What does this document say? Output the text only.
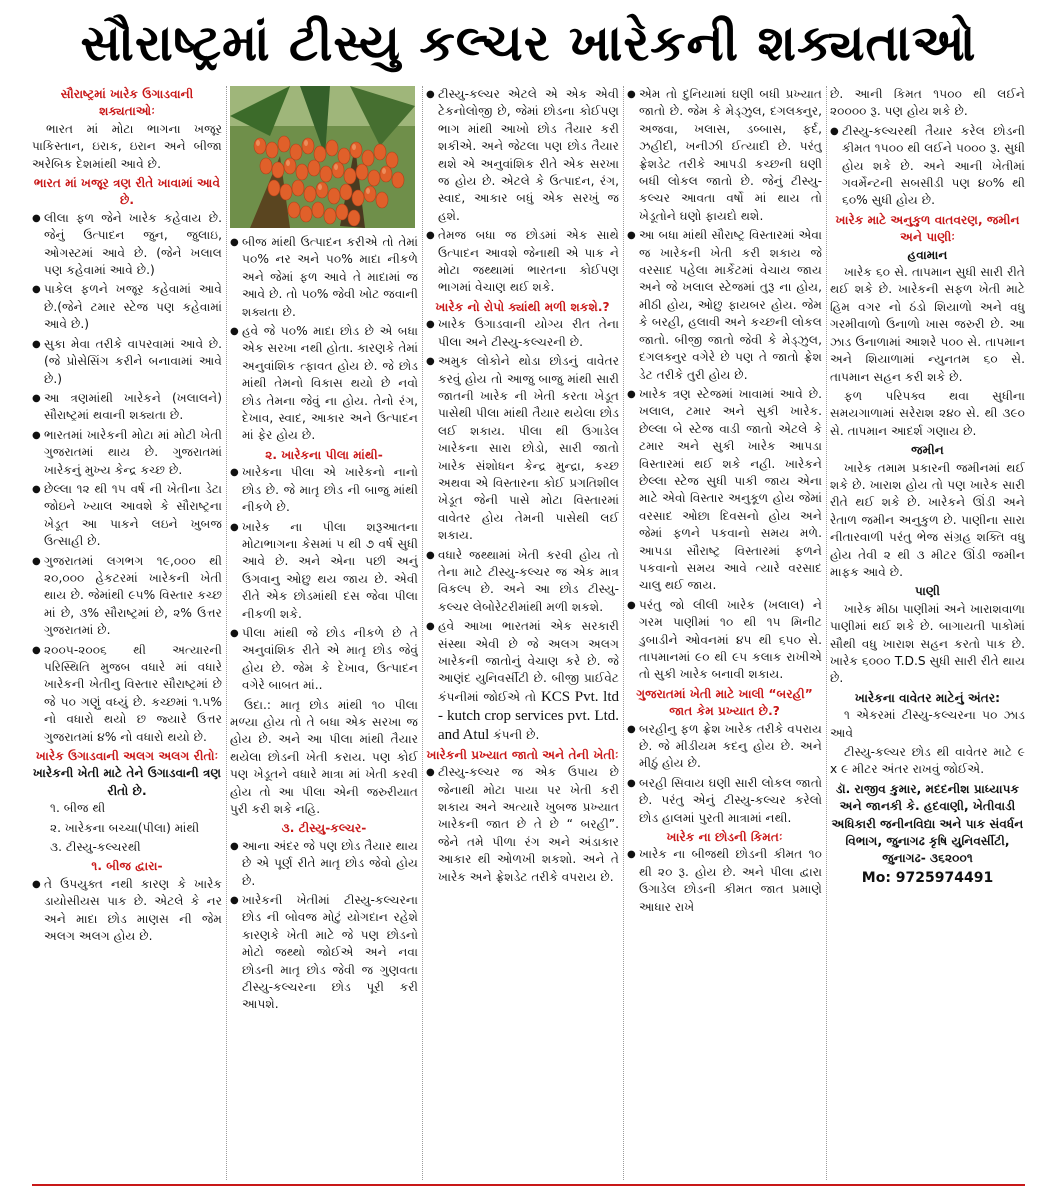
સૌરાષ્ટ્રમાં ટીસ્યુ કલ્ચર ખારેકની શક્યતાઓ
સૌરાષ્ટ્રમાં ખારેક ઉગાડવાની શક્યતાઓઃ

ભારત માં મોટા ભાગના ખજૂર પાકિસ્તાન, ઇરાક, ઇરાન અને બીજા અરેબિક દેશમાંથી આવે છે.

ભારત માં ખજૂર ત્રણ રીતે ખાવામાં આવે છે.
● લીલા ફળ જેને ખારેક કહેવાય છે. જેનું ઉત્પાદન જુન, જુલાઇ, ઓગસ્ટમાં આવે છે. (જેને ખલાલ પણ કહેવામાં આવે છે.)
● પાકેલ ફળને ખજૂર કહેવામાં આવે છે.(જેને ટમાર સ્ટેજ પણ કહેવામાં આવે છે.)
● સુકા મેવા તરીકે વાપરવામાં આવે છે. (જે પ્રોસેસિંગ કરીને બનાવામાં આવે છે.)
● આ ત્રણમાંથી ખારેકને (ખલાલને) સૌરાષ્ટ્રમાં થવાની શક્યતા છે.
● ભારતમાં ખારેકની મોટા માં મોટી ખેતી ગુજરાતમાં થાય છે. ગુજરાતમાં ખારેકનું મુખ્ય કેન્દ્ર કચ્છ છે.
● છેલ્લા ૧૨ થી ૧૫ વર્ષ ની ખેતીના ડેટા જોઇને ખ્યાલ આવશે કે સૌરાષ્ટ્રના ખેડૂત આ પાકને લઇને ખુબજ ઉત્સાહી છે.
● ગુજરાતમાં લગભગ ૧૯,૦૦૦ થી ૨૦,૦૦૦ હેકટરમાં ખારેકની ખેતી થાય છે. જેમાંથી ૯૫% વિસ્તાર કચ્છ માં છે, ૩% સૌરાષ્ટ્રમાં છે, ૨% ઉત્તર ગુજરાતમાં છે.
● ૨૦૦૫-૨૦૦૬ થી અત્યારની પરિસ્થિતિ મુજબ વધારે માં વધારે ખારેકની ખેતીનુ વિસ્તાર સૌરાષ્ટ્રમાં છે જે ૫૦ ગણું વધ્યું છે. કચ્છમાં ૧.૫% નો વધારો થયો છ જ્યારે ઉત્તર ગુજરાતમાં ૪% નો વધારો થયો છે.
ખારેક ઉગાડવાની અલગ અલગ રીતોઃ
ખારેકની ખેતી માટે તેને ઉગાડવાની ત્રણ રીતો છે.

૧. બીજ થી

૨. ખારેકના બચ્ચા(પીલા) માંથી

૩. ટીસ્યુ-કલ્ચરથી

૧. બીજ દ્વારા-
● તે ઉપયુક્ત નથી કારણ કે ખારેક ડાયોસીયસ પાક છે. એટલે કે નર અને માદા છોડ માણસ ની જેમ અલગ અલગ હોય છે.
● બીજ માંથી ઉત્પાદન કરીએ તો તેમાં ૫૦% નર અને ૫૦% માદા નીકળે અને જેમાં ફળ આવે તે માદામાં જ આવે છે. તો ૫૦% જેવી ખોટ જવાની શક્યતા છે.
● હવે જે ૫૦% માદા છોડ છે એ બધા એક સરખા નથી હોતા. કારણકે તેમાં અનુવાંશિક ત્ફાવત હોય છે. જે છોડ માંથી તેમનો વિકાસ થયો છે નવો છોડ તેમના જેવું ના હોય. તેનો રંગ, દેખાવ, સ્વાદ, આકાર અને ઉત્પાદન માં ફેર હોય છે.
૨. ખારેકના પીલા માંથી-
● ખારેકના પીલા એ ખારેકનો નાનો છોડ છે. જે માતૃ છોડ ની બાજુ માંથી નીકળે છે.
● ખારેક ના પીલા શરૂઆતના મોટાભાગના કેસમાં ૫ થી ૭ વર્ષ સુધી આવે છે. અને એના પછી અનું ઉગવાનુ ઓછુ થય જાય છે. એવી રીતે એક છોડમાંથી દસ જેવા પીલા નીકળી શકે.
● પીલા માંથી જે છોડ નીકળે છે તે અનુવાંશિક રીતે એ માતૃ છોડ જેવું હોય છે. જેમ કે દેખાવ, ઉત્પાદન વગેરે બાબત માં..

ઉદા.: માતૃ છોડ માંથી ૧૦ પીલા મળ્યા હોય તો તે બધા એક સરખા જ હોય છે. અને આ પીલા માંથી તૈયાર થયેલા છોડની ખેતી કરાય. પણ કોઈ પણ ખેડૂતને વધારે માત્રા માં ખેતી કરવી હોય તો આ પીલા એની જરુરીયાત પુરી કરી શકે નહિ.

૩. ટીસ્યુ-કલ્ચર-
● આના અંદર જે પણ છોડ તૈયાર થાય છે એ પૂર્ણ રીતે માતૃ છોડ જેવો હોય છે.
● ખારેકની ખેતીમાં ટીસ્યુ-કલ્ચરના છોડ ની બોવજ મોટું યોગદાન રહેશે કારણકે ખેતી માટે જે પણ છોડનો મોટો જથ્થો જોઈએ અને નવા છોડની માતૃ છોડ જેવી જ ગુણવતા ટીસ્યુ-કલ્ચરના છોડ પૂરી કરી આપશે.
● ટીસ્યુ-કલ્ચર એટલે એ એક એવી ટેકનોલોજી છે, જેમાં છોડના કોઈપણ ભાગ માંથી આખો છોડ તૈયાર કરી શકીએ. અને જેટલા પણ છોડ તૈયાર થશે એ અનુવાંશિક રીતે એક સરખા જ હોય છે. એટલે કે ઉત્પાદન, રંગ, સ્વાદ, આકાર બધું એક સરખું જ હશે.
● તેમજ બધા જ છોડમાં એક સાથે ઉત્પાદન આવશે જેનાથી એ પાક ને મોટા જથ્થામાં ભારતના કોઈપણ ભાગમાં વેચાણ થઈ શકે.
ખારેક નો રોપો ક્યાંથી મળી શકશે.?
● ખારેક ઉગાડવાની યોગ્ય રીત તેના પીલા અને ટીસ્યુ-કલ્ચરની છે.
● અમુક લોકોને થોડા છોડનું વાવેતર કરવું હોય તો આજુ બાજુ માંથી સારી જાતની ખારેક ની ખેતી કરતા ખેડૂત પાસેથી પીલા માંથી તૈયાર થયેલા છોડ લઈ શકાય. પીલા થી ઉગાડેલ ખારેકના સારા છોડો, સારી જાતો ખારેક સંશોધન કેન્દ્ર મુન્દ્રા, કચ્છ અથવા એ વિસ્તારના કોઈ પ્રગતિશીલ ખેડૂત જેની પાસે મોટા વિસ્તારમાં વાવેતર હોય તેમની પાસેથી લઈ શકાય.
● વધારે જથ્થામાં ખેતી કરવી હોય તો તેના માટે ટીસ્યુ-કલ્ચર જ એક માત્ર વિકલ્પ છે. અને આ છોડ ટીસ્યુ-કલ્ચર લેબોરેટરીમાંથી મળી શકશે.
● હવે આખા ભારતમાં એક સરકારી સંસ્થા એવી છે જે અલગ અલગ ખારેકની જાતોનું વેચાણ કરે છે. જે આણંદ યુનિવર્સીટી છે. બીજી પ્રાઈવેટ કંપનીમાં જોઈએ તો KCS Pvt. ltd - kutch crop services pvt. Ltd. and Atul કંપની છે.
ખારેકની પ્રખ્યાત જાતો અને તેની ખેતીઃ
● ટીસ્યુ-કલ્ચર જ એક ઉપાય છે જેનાથી મોટા પાયા પર ખેતી કરી શકાય અને અત્યારે ખુબજ પ્રખ્યાત ખારેકની જાત છે તે છે “ બરહી”. જેને તમે પીળા રંગ અને અંડાકાર આકાર થી ઓળખી શકશો. અને તે ખારેક અને ફ્રેશડેટ તરીકે વપરાય છે.
● એમ તો દુનિયામાં ઘણી બધી પ્રખ્યાત જાતો છે. જેમ કે મેડ્ઝુલ, દગલક્નુર, અજવા, ખલાસ, ડબ્બાસ, ફર્દ, ઝહીદી, ખનીઝી ઈત્યાદી છે. પરંતુ ફ્રેશડેટ તરીકે આપડી કચ્છની ઘણી બધી લોકલ જાતો છે. જેનું ટીસ્યુ-કલ્ચર આવતા વર્ષો માં થાય તો ખેડૂતોને ઘણો ફાયદો થશે.
● આ બધા માંથી સૌરાષ્ટ્ર વિસ્તારમાં એવા જ ખારેકની ખેતી કરી શકાય જે વરસાદ પહેલા માર્કેટમાં વેચાય જાય અને જે ખલાલ સ્ટેજમાં તુરૂ ના હોય, મીઠી હોય, ઓછુ ફાયબર હોય. જેમ કે બરહી, હલાવી અને કચ્છની લોકલ જાતો. બીજી જાતો જેવી કે મેડ્ઝુલ, દગલક્નુર વગેરે છે પણ તે જાતો ફ્રેશ ડેટ તરીકે તુરી હોય છે.
● ખારેક ત્રણ સ્ટેજમાં ખાવામાં આવે છે. ખલાલ, ટમાર અને સુકી ખારેક. છેલ્લા બે સ્ટેજ વાડી જાતો એટલે કે ટમાર અને સુકી ખારેક આપડા વિસ્તારમાં થઈ શકે નહી. ખારેકને છેલ્લા સ્ટેજ સુધી પાકી જાય એના માટે એવો વિસ્તાર અનુકૂળ હોય જેમાં વરસાદ ઓછા દિવસનો હોય અને જેમાં ફળને પકવાનો સમય મળે. આપડા સૌરાષ્ટ્ર વિસ્તારમાં ફળને પકવાનો સમય આવે ત્યારે વરસાદ ચાલુ થઈ જાય.
● પરંતુ જો લીલી ખારેક (ખલાલ) ને ગરમ પાણીમાં ૧૦ થી ૧૫ મિનીટ ડુબાડીને ઓવનમાં ૪૫ થી ૬૫૦ સે. તાપમાનમાં ૯૦ થી ૯૫ કલાક રાખીએ તો સુકી ખારેક બનાવી શકાય.
ગુજરાતમાં ખેતી માટે ખાલી “બરહી” જાત કેમ પ્રખ્યાત છે.?
● બરહીનુ ફળ ફ્રેશ ખારેક તરીકે વપરાય છે. જે મીડીયમ કદનુ હોય છે. અને મીઠું હોય છે.
● બરહી સિવાય ઘણી સારી લોકલ જાતો છે. પરંતુ એનું ટીસ્યુ-કલ્ચર કરેલો છોડ હાલમાં પુરતી માત્રામાં નથી.
ખારેક ના છોડની કિમતઃ
● ખારેક ના બીજથી છોડની કીમત ૧૦ થી ૨૦ રૂ. હોય છે. અને પીલા દ્વારા ઉગાડેલ છોડની કીમત જાત પ્રમાણે આધાર રાખે

છે. આની કિમત ૧૫૦૦ થી લઈને ૨૦૦૦૦ રૂ. પણ હોય શકે છે.

● ટીસ્યુ-કલ્ચરથી તૈયાર કરેલ છોડની કીમત ૧૫૦૦ થી લઈને ૫૦૦૦ રૂ. સુધી હોય શકે છે. અને આની ખેતીમાં ગવર્મેન્ટની સબસીડી પણ ૪૦% થી ૬૦% સુધી હોય છે.
ખારેક માટે અનુકુળ વાતવરણ, જમીન અને પાણીઃ
હવામાન

ખારેક ૬૦ સે. તાપમાન સુધી સારી રીતે થઈ શકે છે. ખારેકની સફળ ખેતી માટે હિમ વગર નો ઠંડો શિયાળો અને વધુ ગરમીવાળો ઉનાળો ખાસ જરુરી છે. આ ઝાડ ઉનાળામાં આશરે ૫૦૦ સે. તાપમાન અને શિયાળામાં ન્યુનતમ ૬૦ સે. તાપમાન સહન કરી શકે છે.

ફળ પરિપક્વ થવા સુધીના સમયગાળામાં સરેરાશ ૨૪૦ સે. થી ૩૯૦ સે. તાપમાન આદર્શ ગણાય છે.

જમીન

ખારેક તમામ પ્રકારની જમીનમાં થઈ શકે છે. ખારાશ હોય તો પણ ખારેક સારી રીતે થઈ શકે છે. ખારેકને ઊંડી અને રેતાળ જમીન અનુકુળ છે. પાણીના સારા નીતારવાળી પરંતુ ભેજ સંગ્રહ શક્તિ વધુ હોય તેવી ૨ થી ૩ મીટર ઊંડી જમીન માફક આવે છે.

પાણી

ખારેક મીઠા પાણીમાં અને ખારાશવાળા પાણીમાં થઈ શકે છે. બાગાયતી પાકોમાં સૌથી વધુ ખારાશ સહન કરતો પાક છે. ખારેક ૬૦૦૦ T.D.S સુધી સારી રીતે થાય છે.

ખારેકના વાવેતર માટેનું અંતર:

૧ એકરમાં ટીસ્યુ-કલ્ચરના ૫૦ ઝાડ આવે

ટીસ્યુ-કલ્ચર છોડ થી વાવેતર માટે ૯ x ૯ મીટર અંતર રાખવું જોઈએ.

ડૉ. રાજીવ કુમાર, મદદનીશ પ્રાધ્યાપક અને જાનકી કે. હદવાણી, ખેતીવાડી અધિકારી જનીનવિદ્યા અને પાક સંવર્ધન વિભાગ, જુનાગઢ કૃષિ યુનિવર્સીટી, જુનાગઢ- ૩૬૨૦૦૧

Mo: 9725974491
